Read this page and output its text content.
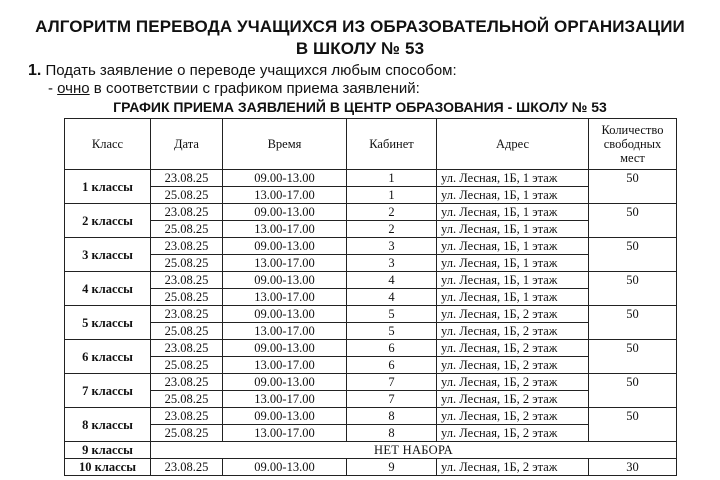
АЛГОРИТМ ПЕРЕВОДА УЧАЩИХСЯ ИЗ ОБРАЗОВАТЕЛЬНОЙ ОРГАНИЗАЦИИ
В ШКОЛУ № 53
1. Подать заявление о переводе учащихся любым способом:
- очно в соответствии с графиком приема заявлений:
ГРАФИК ПРИЕМА ЗАЯВЛЕНИЙ В ЦЕНТР ОБРАЗОВАНИЯ - ШКОЛУ № 53
Класс	Дата	Время	Кабинет	Адрес	Количество свободных мест
1 классы	23.08.25	09.00-13.00	1	ул. Лесная, 1Б, 1 этаж	50
	25.08.25	13.00-17.00	1	ул. Лесная, 1Б, 1 этаж	
2 классы	23.08.25	09.00-13.00	2	ул. Лесная, 1Б, 1 этаж	50
	25.08.25	13.00-17.00	2	ул. Лесная, 1Б, 1 этаж	
3 классы	23.08.25	09.00-13.00	3	ул. Лесная, 1Б, 1 этаж	50
	25.08.25	13.00-17.00	3	ул. Лесная, 1Б, 1 этаж	
4 классы	23.08.25	09.00-13.00	4	ул. Лесная, 1Б, 1 этаж	50
	25.08.25	13.00-17.00	4	ул. Лесная, 1Б, 1 этаж	
5 классы	23.08.25	09.00-13.00	5	ул. Лесная, 1Б, 2 этаж	50
	25.08.25	13.00-17.00	5	ул. Лесная, 1Б, 2 этаж	
6 классы	23.08.25	09.00-13.00	6	ул. Лесная, 1Б, 2 этаж	50
	25.08.25	13.00-17.00	6	ул. Лесная, 1Б, 2 этаж	
7 классы	23.08.25	09.00-13.00	7	ул. Лесная, 1Б, 2 этаж	50
	25.08.25	13.00-17.00	7	ул. Лесная, 1Б, 2 этаж	
8 классы	23.08.25	09.00-13.00	8	ул. Лесная, 1Б, 2 этаж	50
	25.08.25	13.00-17.00	8	ул. Лесная, 1Б, 2 этаж	
9 классы	НЕТ НАБОРА				
10 классы	23.08.25	09.00-13.00	9	ул. Лесная, 1Б, 2 этаж	30
